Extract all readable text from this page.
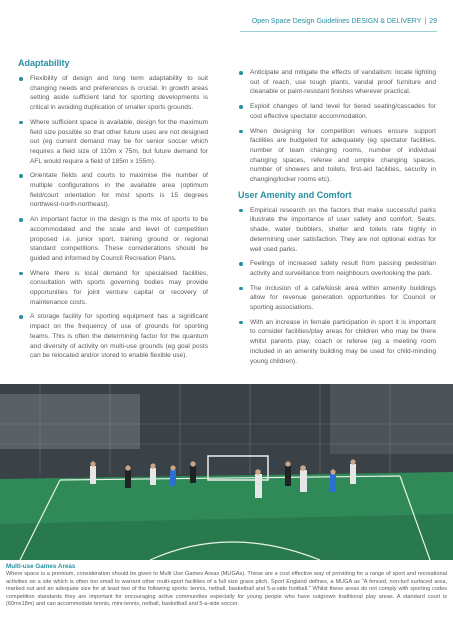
Open Space Design Guidelines DESIGN & DELIVERY | 29
Adaptability
Flexibility of design and long term adaptability to suit changing needs and preferences is crucial. In growth areas setting aside sufficient land for sporting developments is critical in avoiding duplication of smaller sports grounds.
Where sufficient space is available, design for the maximum field size possible so that other future uses are not designed out (eg current demand may be for senior soccer which requires a field size of 110m x 75m, but future demand for AFL would require a field of 185m x 155m).
Orientate fields and courts to maximise the number of multiple configurations in the available area (optimum field/court orientation for most sports is 15 degrees northwest-north-northeast).
An important factor in the design is the mix of sports to be accommodated and the scale and level of competition proposed i.e. junior sport, training ground or regional standard competitions. These considerations should be guided and informed by Council Recreation Plans.
Where there is local demand for specialised facilities, consultation with sports governing bodies may provide opportunities for joint venture capital or recovery of maintenance costs.
A storage facility for sporting equipment has a significant impact on the frequency of use of grounds for sporting teams. This is often the determining factor for the quantum and diversity of activity on multi-use grounds (eg goal posts can be relocated and/or stored to enable flexible use).
Anticipate and mitigate the effects of vandalism: locate lighting out of reach, use tough plants, vandal proof furniture and cleanable or paint-resistant finishes wherever practical.
Exploit changes of land level for tiered seating/cascades for cost effective spectator accommodation.
When designing for competition venues ensure support facilities are budgeted for adequately (eg spectator facilities, number of team changing rooms, number of individual changing spaces, referee and umpire changing spaces, number of showers and toilets, first-aid facilities, security in changing/locker rooms etc).
User Amenity and Comfort
Empirical research on the factors that make successful parks illustrate the importance of user safety and comfort. Seats, shade, water bubblers, shelter and toilets rate highly in determining user satisfaction. They are not optional extras for well used parks.
Feelings of increased safety result from passing pedestrian activity and surveillance from neighbours overlooking the park.
The inclusion of a cafe/kiosk area within amenity buildings allow for revenue generation opportunities for Council or sporting associations.
With an increase in female participation in sport it is important to consider facilities/play areas for children who may be there whilst parents play, coach or referee (eg a meeting room included in an amenity building may be used for child-minding young children).
Multi-use Games Areas

Where space is a premium, consideration should be given to Multi Use Games Areas (MUGAs). These are a cost effective way of providing for a range of sport and recreational activities on a site which is often too small to warrant other multi-sport facilities of a full size grass pitch. Sport England defines, a MUGA as "A fenced, non-turf surfaced area, marked out and an adequate size for at least two of the following sports: tennis, netball, basketball and 5-a-side football." Whilst these areas do not comply with sporting codes competition standards they are important for encouraging active communities especially for young people who have outgrown traditional play areas. A standard court is (60mx18m) and can accommodate tennis, mini-tennis, netball, basketball and 5-a-side soccer.
